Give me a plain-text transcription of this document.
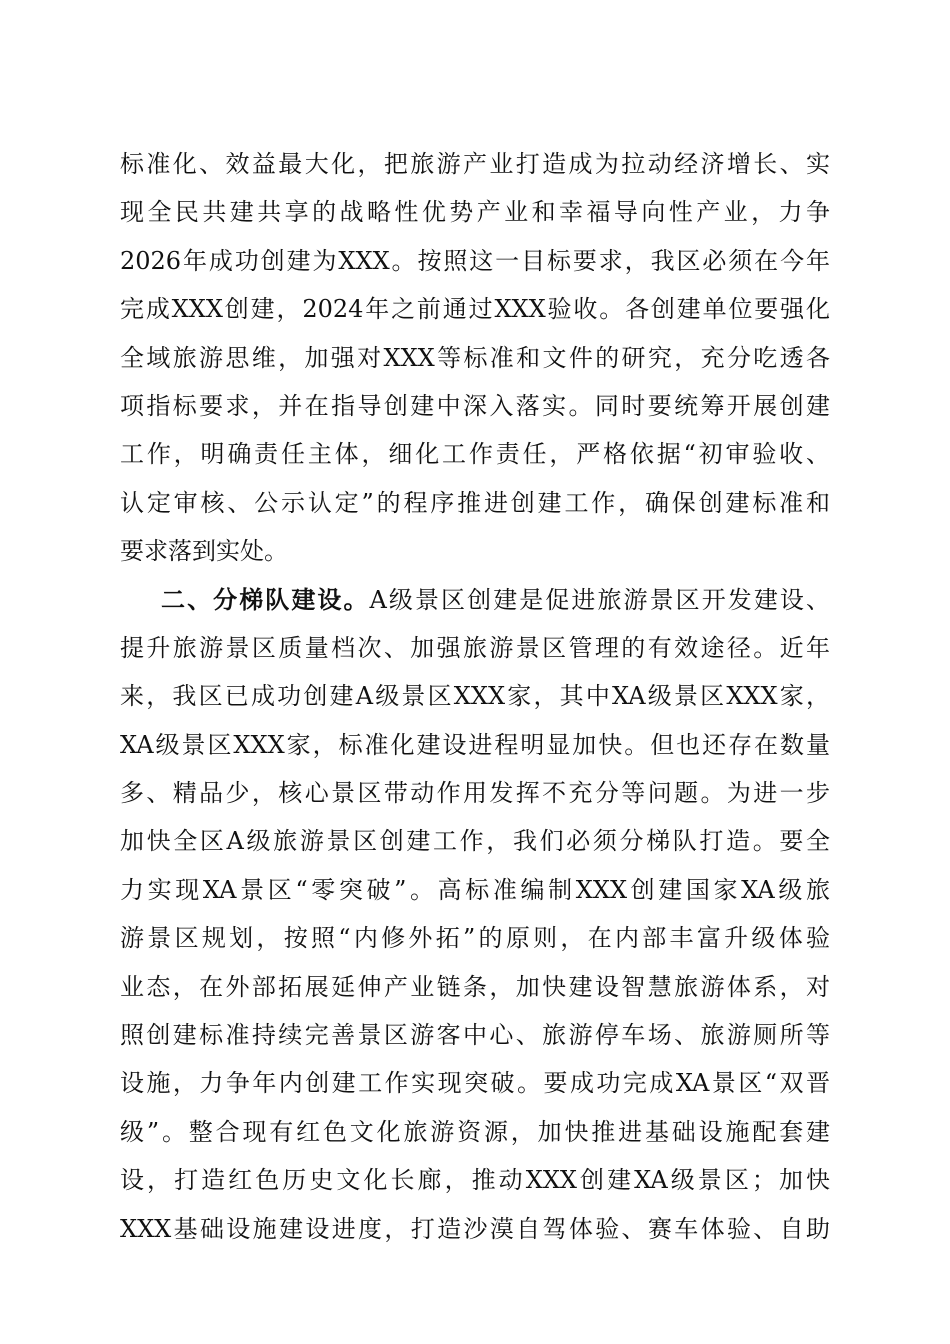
标准化、效益最大化，把旅游产业打造成为拉动经济增长、实
现全民共建共享的战略性优势产业和幸福导向性产业，力争
2026年成功创建为XXX。按照这一目标要求，我区必须在今年
完成XXX创建，2024年之前通过XXX验收。各创建单位要强化
全域旅游思维，加强对XXX等标准和文件的研究，充分吃透各
项指标要求，并在指导创建中深入落实。同时要统筹开展创建
工作，明确责任主体，细化工作责任，严格依据“初审验收、
认定审核、公示认定”的程序推进创建工作，确保创建标准和
要求落到实处。
二、分梯队建设。A级景区创建是促进旅游景区开发建设、
提升旅游景区质量档次、加强旅游景区管理的有效途径。近年
来，我区已成功创建A级景区XXX家，其中XA级景区XXX家，
XA级景区XXX家，标准化建设进程明显加快。但也还存在数量
多、精品少，核心景区带动作用发挥不充分等问题。为进一步
加快全区A级旅游景区创建工作，我们必须分梯队打造。要全
力实现XA景区“零突破”。高标准编制XXX创建国家XA级旅
游景区规划，按照“内修外拓”的原则，在内部丰富升级体验
业态，在外部拓展延伸产业链条，加快建设智慧旅游体系，对
照创建标准持续完善景区游客中心、旅游停车场、旅游厕所等
设施，力争年内创建工作实现突破。要成功完成XA景区“双晋
级”。整合现有红色文化旅游资源，加快推进基础设施配套建
设，打造红色历史文化长廊，推动XXX创建XA级景区；加快
XXX基础设施建设进度，打造沙漠自驾体验、赛车体验、自助
